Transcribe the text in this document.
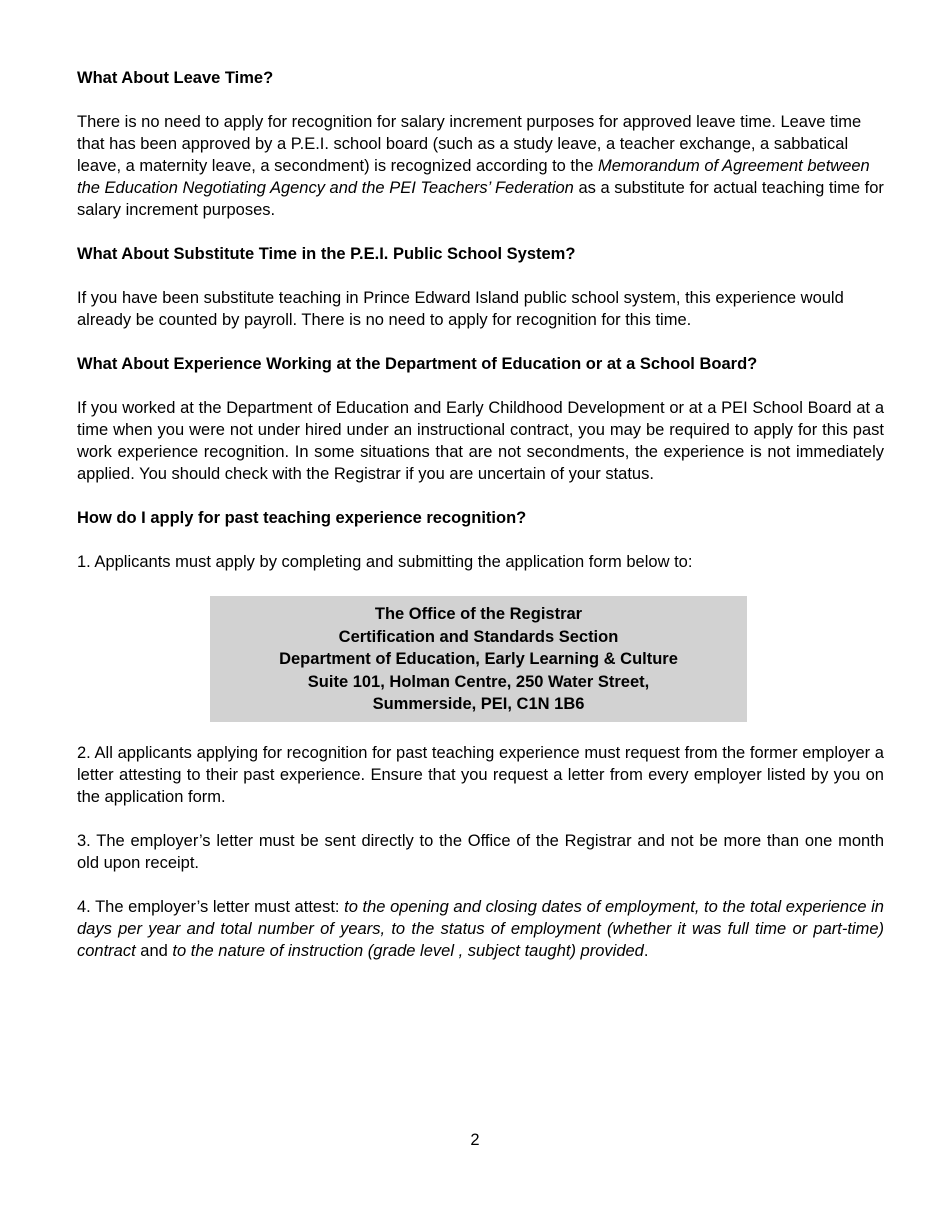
What About Leave Time?

There is no need to apply for recognition for salary increment purposes for approved leave time. Leave time that has been approved by a P.E.I. school board (such as a study leave, a teacher exchange, a sabbatical leave, a maternity leave, a secondment) is recognized according to the Memorandum of Agreement between the Education Negotiating Agency and the PEI Teachers’ Federation as a substitute for actual teaching time for salary increment purposes.

What About Substitute Time in the P.E.I. Public School System?

If you have been substitute teaching in Prince Edward Island public school system, this experience would already be counted by payroll. There is no need to apply for recognition for this time.

What About Experience Working at the Department of Education or at a School Board?

If you worked at the Department of Education and Early Childhood Development or at a PEI School Board at a time when you were not under hired under an instructional contract, you may be required to apply for this past work experience recognition. In some situations that are not secondments, the experience is not immediately applied. You should check with the Registrar if you are uncertain of your status.

How do I apply for past teaching experience recognition?

1. Applicants must apply by completing and submitting the application form below to:

The Office of the Registrar
Certification and Standards Section
Department of Education, Early Learning & Culture
Suite 101, Holman Centre, 250 Water Street,
Summerside, PEI, C1N 1B6

2. All applicants applying for recognition for past teaching experience must request from the former employer a letter attesting to their past experience. Ensure that you request a letter from every employer listed by you on the application form.

3. The employer’s letter must be sent directly to the Office of the Registrar and not be more than one month old upon receipt.

4. The employer’s letter must attest: to the opening and closing dates of employment, to the total experience in days per year and total number of years, to the status of employment (whether it was full time or part-time) contract and to the nature of instruction (grade level , subject taught) provided.

2
